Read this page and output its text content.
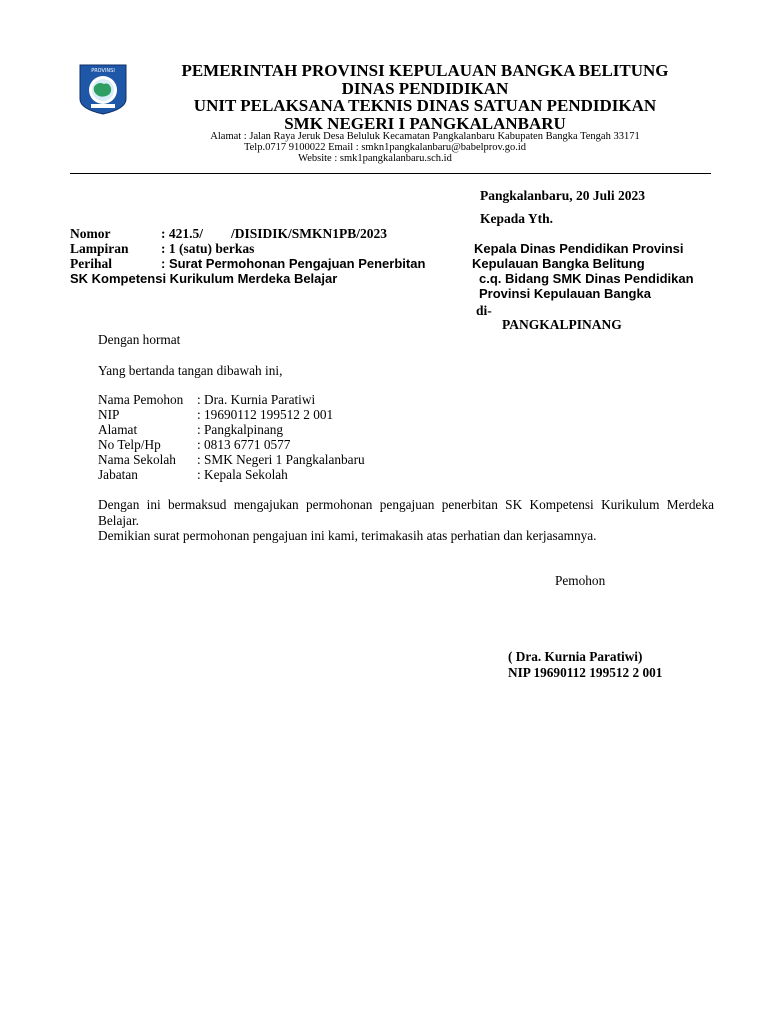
PROVINSI	PEMERINTAH PROVINSI KEPULAUAN BANGKA BELITUNG
DINAS PENDIDIKAN
UNIT PELAKSANA TEKNIS DINAS SATUAN PENDIDIKAN
SMK NEGERI I PANGKALANBARU
Alamat : Jalan Raya Jeruk Desa Beluluk Kecamatan Pangkalanbaru Kabupaten Bangka Tengah 33171
Telp.0717 9100022 Email : smkn1pangkalanbaru@babelprov.go.id
Website : smk1pangkalanbaru.sch.id
Pangkalanbaru, 20 Juli 2023
Kepada Yth.
Kepala Dinas Pendidikan Provinsi
Kepulauan Bangka Belitung
c.q. Bidang SMK Dinas Pendidikan
Provinsi Kepulauan Bangka
di-
PANGKALPINANG
Nomor	: 421.5/ /DISIDIK/SMKN1PB/2023
Lampiran : 1 (satu) berkas
Perihal	: Surat Permohonan Pengajuan Penerbitan
SK Kompetensi Kurikulum Merdeka Belajar
Dengan hormat
Yang bertanda tangan dibawah ini,
Nama Pemohon : Dra. Kurnia Paratiwi
NIP	: 19690112 199512 2 001
Alamat	: Pangkalpinang
No Telp/Hp	: 0813 6771 0577
Nama Sekolah : SMK Negeri 1 Pangkalanbaru
Jabatan	: Kepala Sekolah
Dengan ini bermaksud mengajukan permohonan pengajuan penerbitan SK Kompetensi Kurikulum Merdeka Belajar.
Demikian surat permohonan pengajuan ini kami, terimakasih atas perhatian dan kerjasamnya.
Pemohon
( Dra. Kurnia Paratiwi)
NIP 19690112 199512 2 001
